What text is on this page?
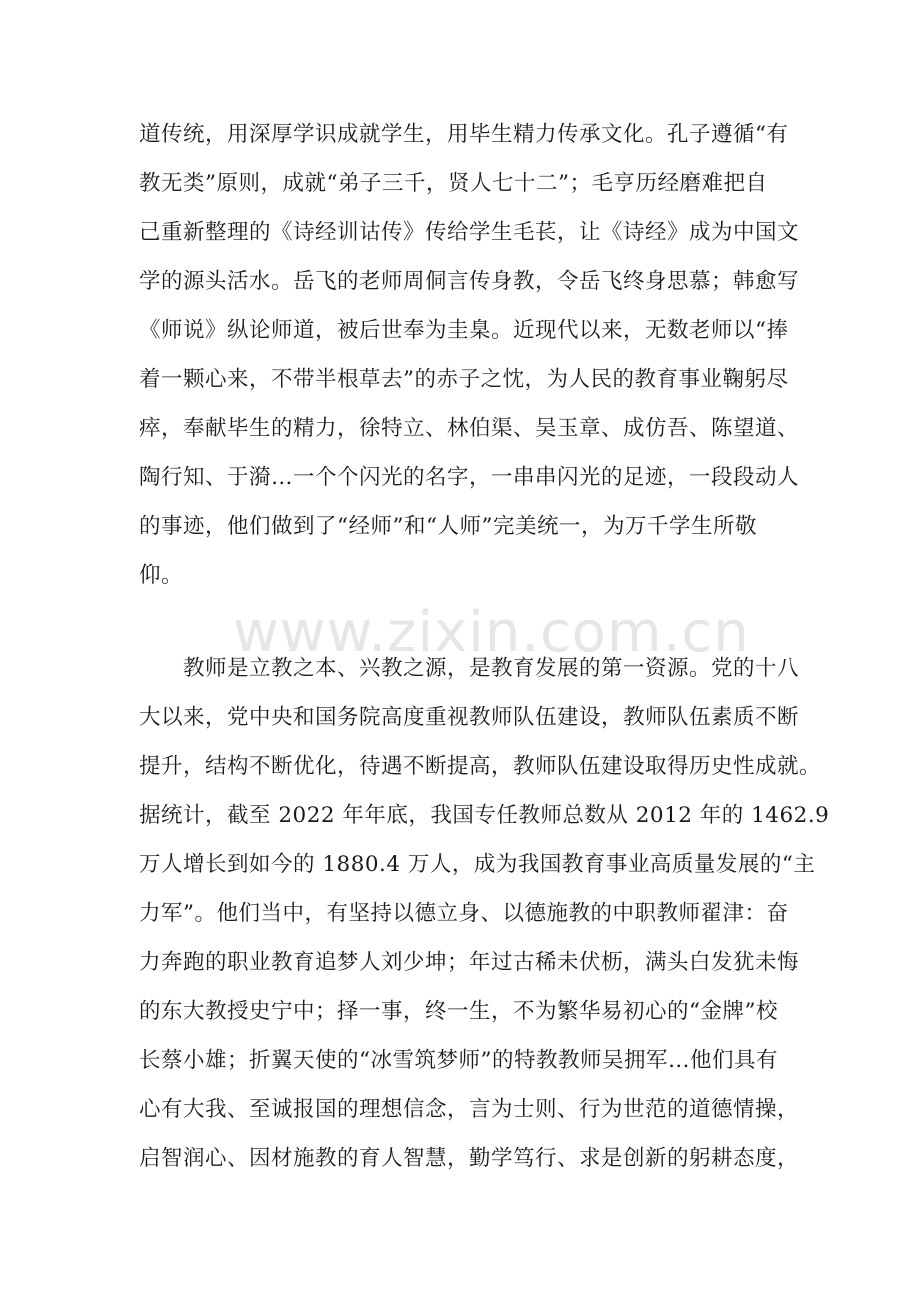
www.zixin.com.cn
道传统，用深厚学识成就学生，用毕生精力传承文化。孔子遵循“有
教无类”原则，成就“弟子三千，贤人七十二”；毛亨历经磨难把自
己重新整理的《诗经训诂传》传给学生毛苌，让《诗经》成为中国文
学的源头活水。岳飞的老师周侗言传身教，令岳飞终身思慕；韩愈写
《师说》纵论师道，被后世奉为圭臬。近现代以来，无数老师以“捧
着一颗心来，不带半根草去”的赤子之忱，为人民的教育事业鞠躬尽
瘁，奉献毕生的精力，徐特立、林伯渠、吴玉章、成仿吾、陈望道、
陶行知、于漪…一个个闪光的名字，一串串闪光的足迹，一段段动人
的事迹，他们做到了“经师”和“人师”完美统一，为万千学生所敬
仰。
　　教师是立教之本、兴教之源，是教育发展的第一资源。党的十八
大以来，党中央和国务院高度重视教师队伍建设，教师队伍素质不断
提升，结构不断优化，待遇不断提高，教师队伍建设取得历史性成就。
据统计，截至 2022 年年底，我国专任教师总数从 2012 年的 1462.9
万人增长到如今的 1880.4 万人，成为我国教育事业高质量发展的“主
力军”。他们当中，有坚持以德立身、以德施教的中职教师翟津：奋
力奔跑的职业教育追梦人刘少坤；年过古稀未伏枥，满头白发犹未悔
的东大教授史宁中；择一事，终一生，不为繁华易初心的“金牌”校
长蔡小雄；折翼天使的“冰雪筑梦师”的特教教师吴拥军…他们具有
心有大我、至诚报国的理想信念，言为士则、行为世范的道德情操，
启智润心、因材施教的育人智慧，勤学笃行、求是创新的躬耕态度，
